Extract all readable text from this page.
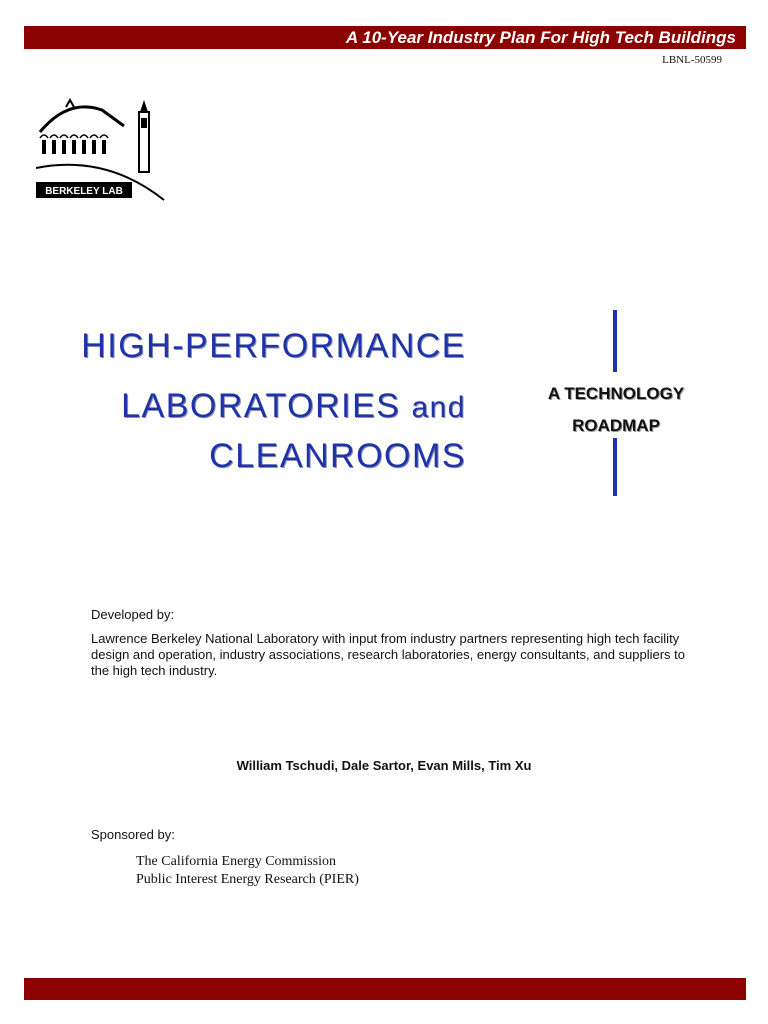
A 10-Year Industry Plan For High Tech Buildings
LBNL-50599
BERKELEY LAB
HIGH-PERFORMANCE
LABORATORIES and
CLEANROOMS
A TECHNOLOGY
ROADMAP
Developed by:
Lawrence Berkeley National Laboratory with input from industry partners representing high tech facility design and operation, industry associations, research laboratories, energy consultants, and suppliers to the high tech industry.
William Tschudi, Dale Sartor, Evan Mills, Tim Xu
Sponsored by:
The California Energy Commission
Public Interest Energy Research (PIER)
